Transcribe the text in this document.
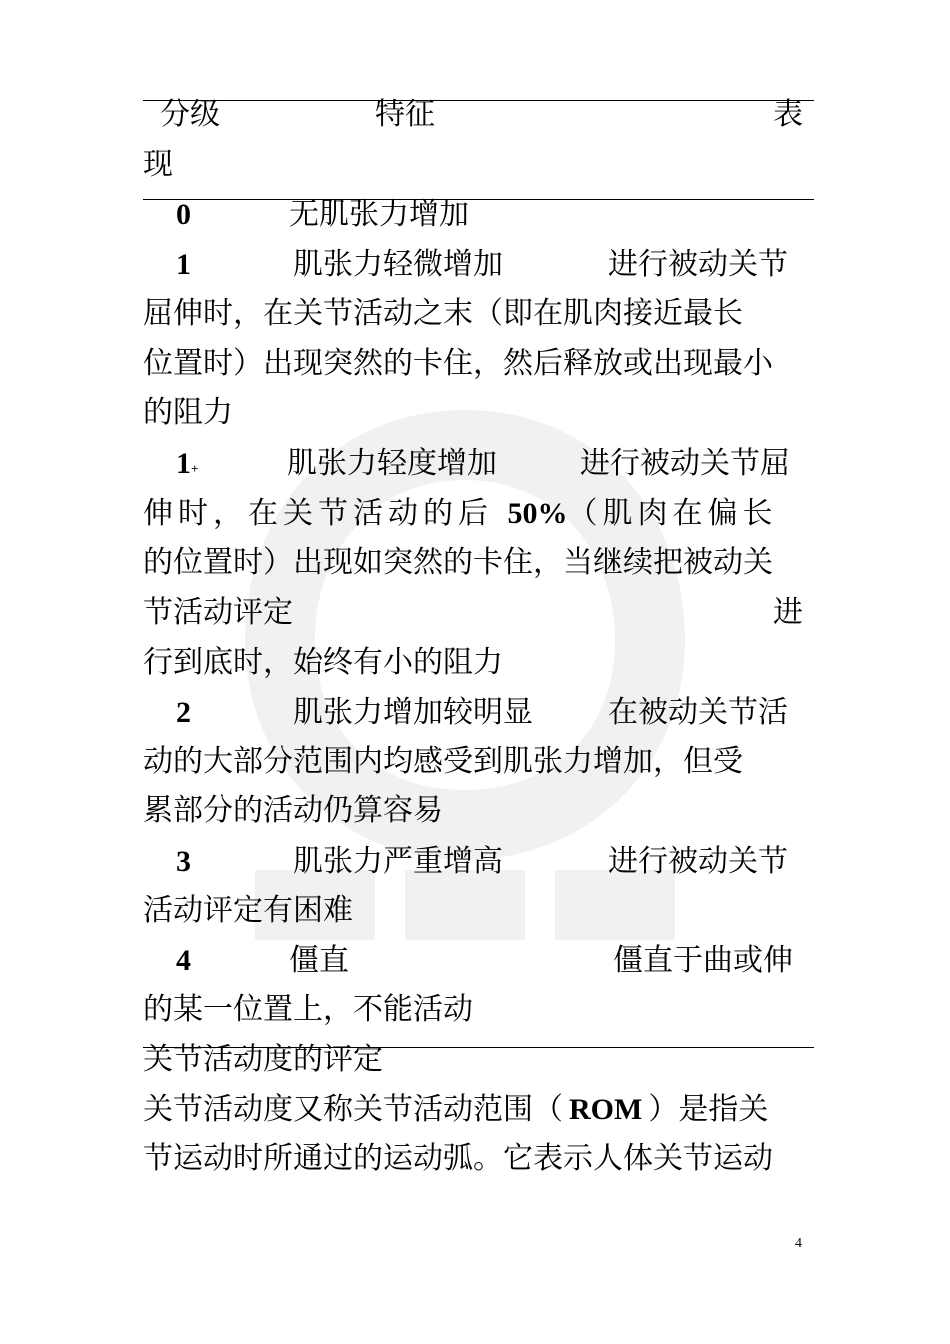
分级	特征	表
现
0	无肌张力增加
1	肌张力轻微增加	进行被动关节
屈伸时，在关节活动之末（即在肌肉接近最长
位置时）出现突然的卡住，然后释放或出现最小
的阻力
1+	肌张力轻度增加	进行被动关节屈
伸时，在关节活动的后 50%（肌肉在偏长
的位置时）出现如突然的卡住，当继续把被动关
节活动评定	进
行到底时，始终有小的阻力
2	肌张力增加较明显	在被动关节活
动的大部分范围内均感受到肌张力增加，但受
累部分的活动仍算容易
3	肌张力严重增高	进行被动关节
活动评定有困难
4	僵直	僵直于曲或伸
的某一位置上，不能活动
关节活动度的评定
关节活动度又称关节活动范围（ ROM ）是指关
节运动时所通过的运动弧。它表示人体关节运动
4
